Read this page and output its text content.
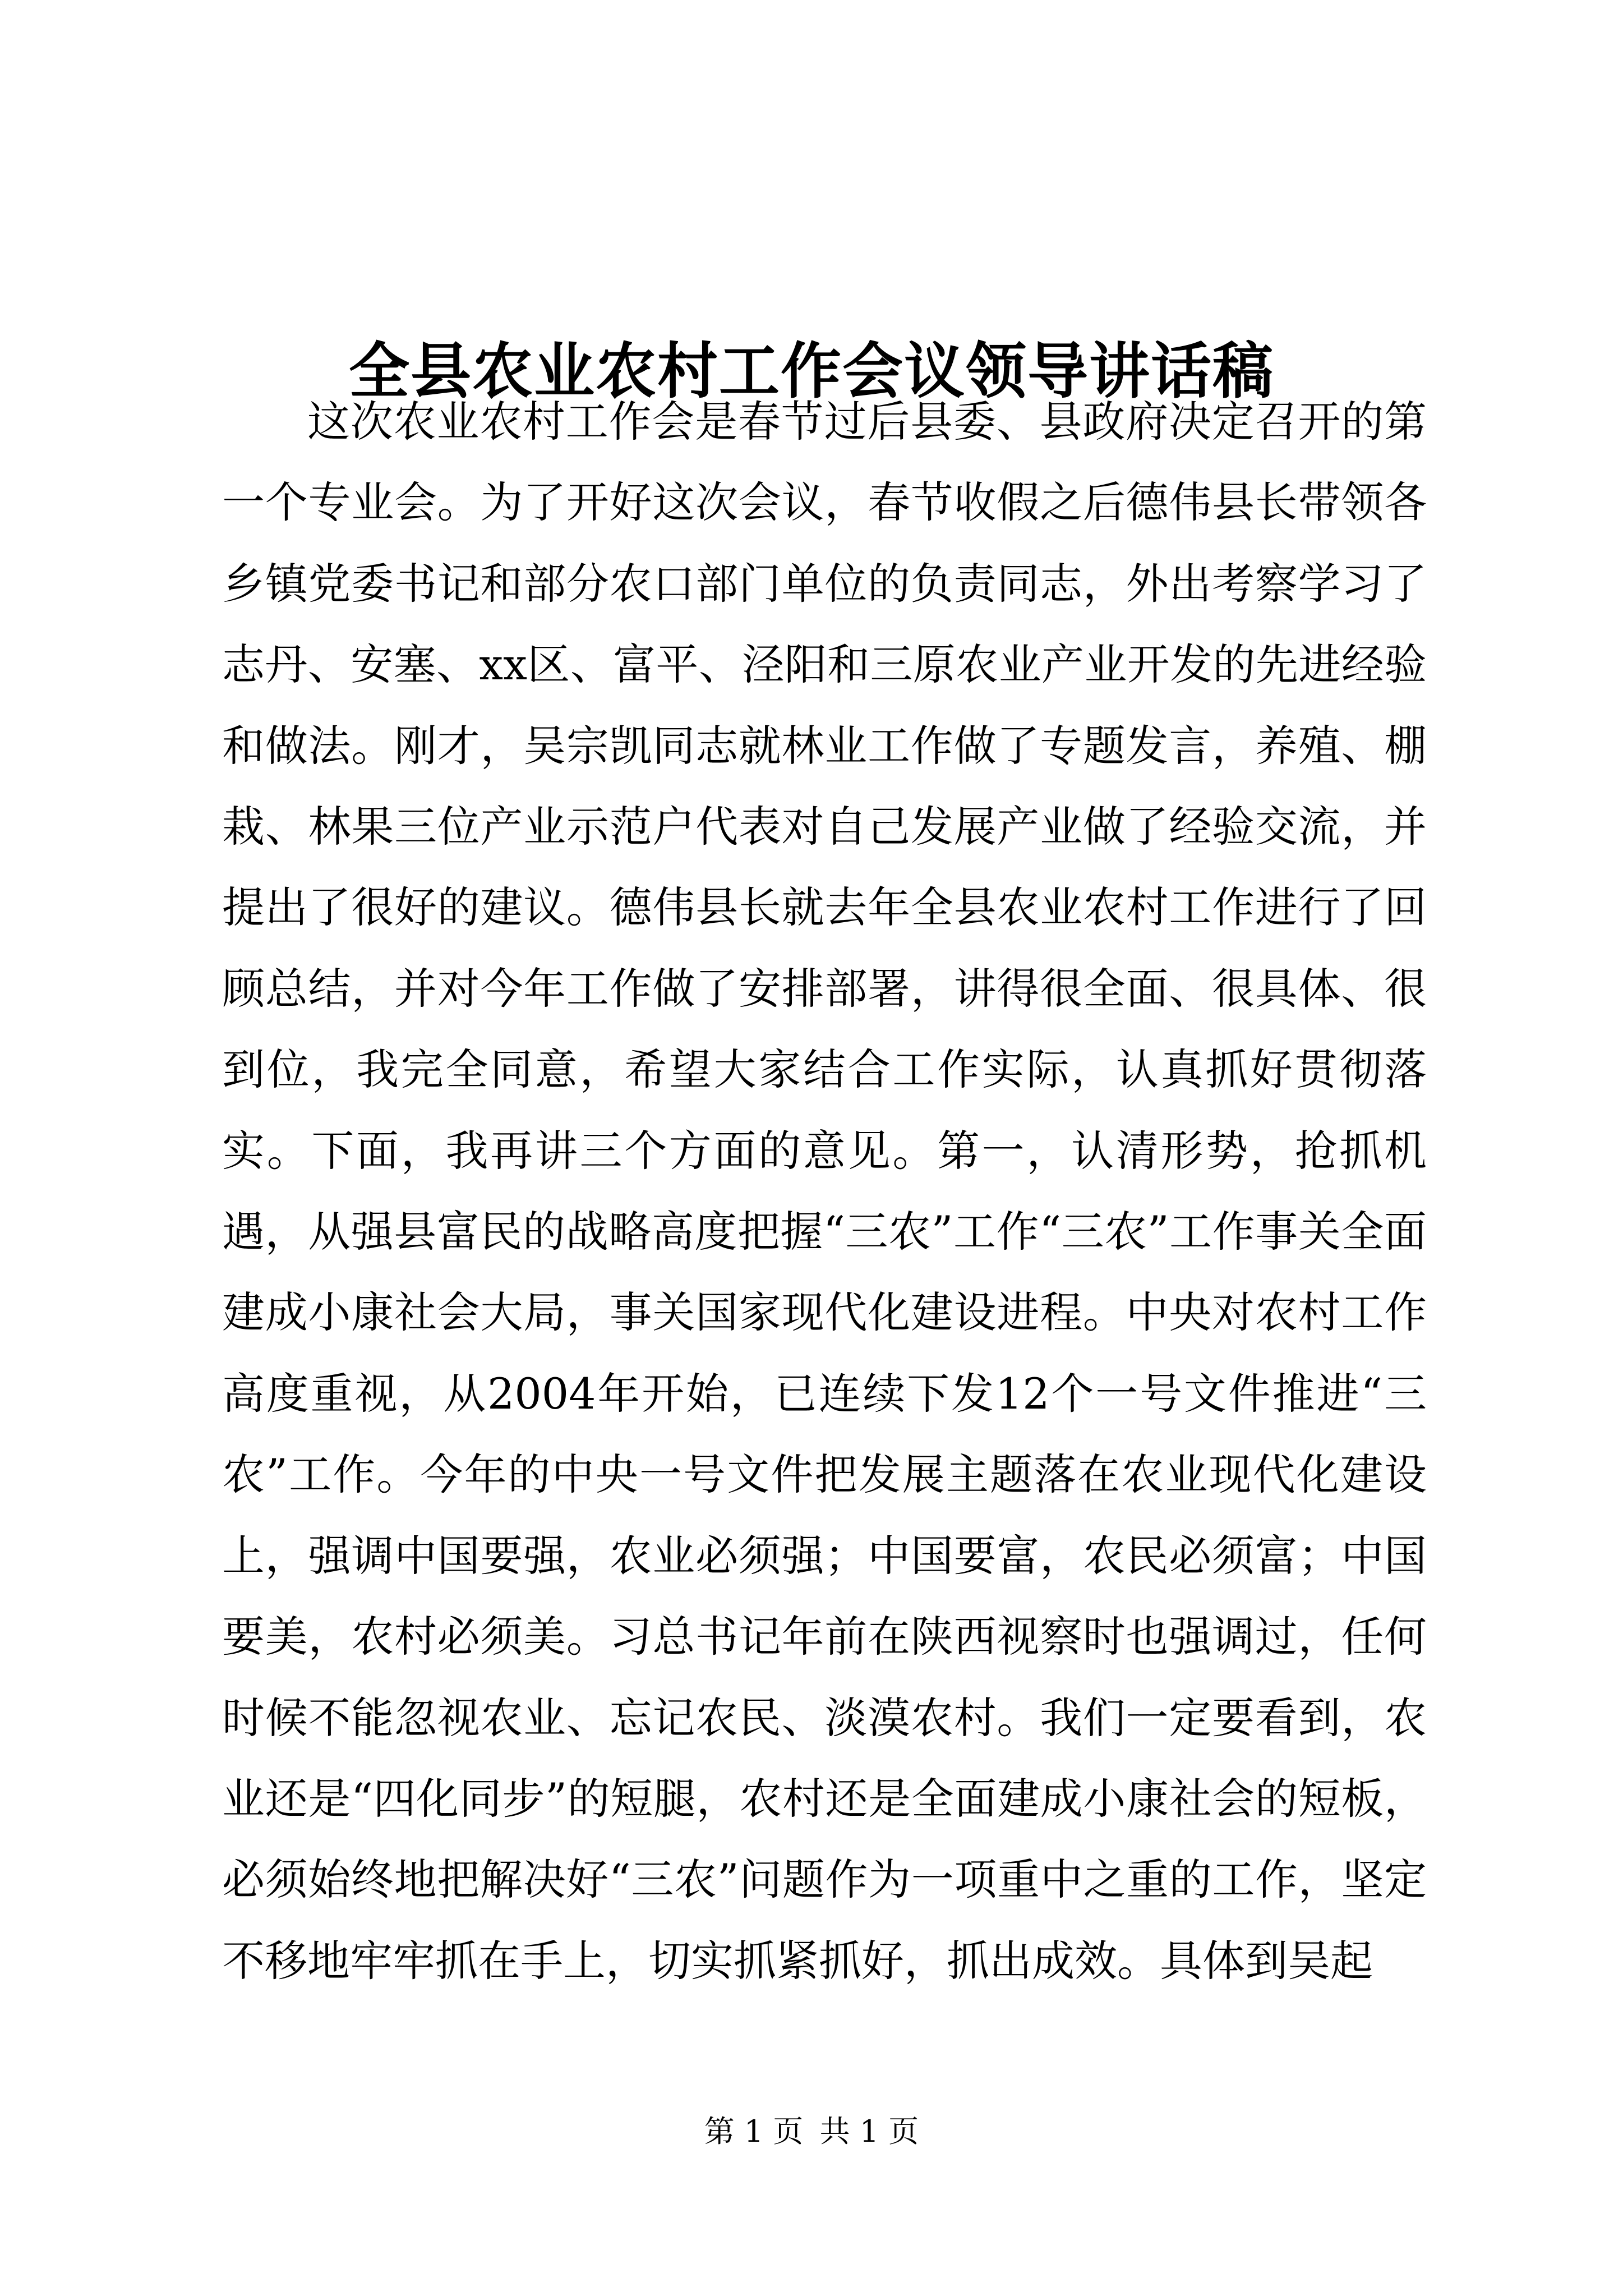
全县农业农村工作会议领导讲话稿

这次农业农村工作会是春节过后县委、县政府决定召开的第一个专业会。为了开好这次会议，春节收假之后德伟县长带领各乡镇党委书记和部分农口部门单位的负责同志，外出考察学习了志丹、安塞、xx区、富平、泾阳和三原农业产业开发的先进经验和做法。刚才，吴宗凯同志就林业工作做了专题发言，养殖、棚栽、林果三位产业示范户代表对自己发展产业做了经验交流，并提出了很好的建议。德伟县长就去年全县农业农村工作进行了回顾总结，并对今年工作做了安排部署，讲得很全面、很具体、很到位，我完全同意，希望大家结合工作实际，认真抓好贯彻落实。下面，我再讲三个方面的意见。第一，认清形势，抢抓机遇，从强县富民的战略高度把握“三农”工作“三农”工作事关全面建成小康社会大局，事关国家现代化建设进程。中央对农村工作高度重视，从2004年开始，已连续下发12个一号文件推进“三农”工作。今年的中央一号文件把发展主题落在农业现代化建设上，强调中国要强，农业必须强；中国要富，农民必须富；中国要美，农村必须美。习总书记年前在陕西视察时也强调过，任何时候不能忽视农业、忘记农民、淡漠农村。我们一定要看到，农业还是“四化同步”的短腿，农村还是全面建成小康社会的短板，必须始终地把解决好“三农”问题作为一项重中之重的工作，坚定不移地牢牢抓在手上，切实抓紧抓好，抓出成效。具体到吴起

第 1 页 共 1 页
